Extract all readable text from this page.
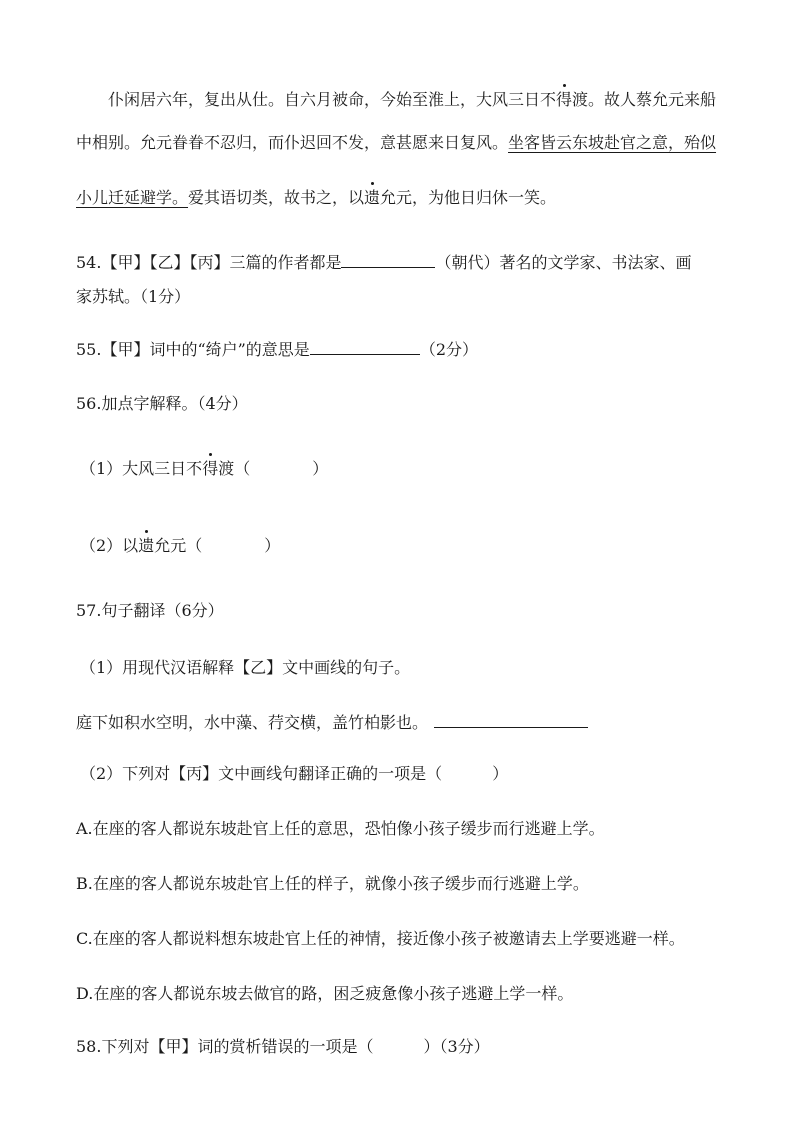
仆闲居六年，复出从仕。自六月被命，今始至淮上，大风三日不得渡。故人蔡允元来船
中相别。允元眷眷不忍归，而仆迟回不发，意甚愿来日复风。坐客皆云东坡赴官之意，殆似
小儿迁延避学。爱其语切类，故书之，以遗允元，为他日归休一笑。
54.【甲】【乙】【丙】三篇的作者都是	（朝代）著名的文学家、书法家、画
家苏轼。（1分）
55.【甲】词中的“绮户”的意思是	（2分）
56.加点字解释。（4分）
（1）大风三日不得渡（	）
（2）以遗允元（	）
57.句子翻译（6分）
（1）用现代汉语解释【乙】文中画线的句子。
庭下如积水空明，水中藻、荇交横，盖竹柏影也。
（2）下列对【丙】文中画线句翻译正确的一项是（	）
A.在座的客人都说东坡赴官上任的意思，恐怕像小孩子缓步而行逃避上学。
B.在座的客人都说东坡赴官上任的样子，就像小孩子缓步而行逃避上学。
C.在座的客人都说料想东坡赴官上任的神情，接近像小孩子被邀请去上学要逃避一样。
D.在座的客人都说东坡去做官的路，困乏疲惫像小孩子逃避上学一样。
58.下列对【甲】词的赏析错误的一项是（	）（3分）
